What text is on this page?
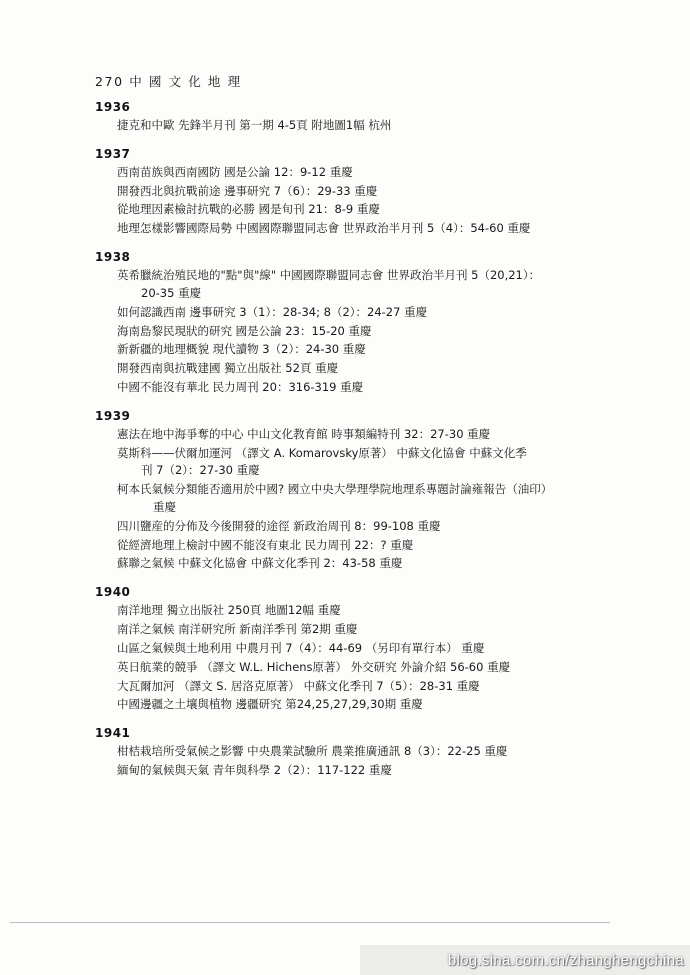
270 中 國 文 化 地 理
1936
捷克和中歐 先鋒半月刊 第一期 4-5頁 附地圖1幅 杭州
1937
西南苗族與西南國防 國是公論 12：9-12 重慶
開發西北與抗戰前途 邊事研究 7（6）：29-33 重慶
從地理因素檢討抗戰的必勝 國是旬刊 21：8-9 重慶
地理怎樣影響國際局勢 中國國際聯盟同志會 世界政治半月刊 5（4）：54-60 重慶
1938
英希臘統治殖民地的"點"與"線" 中國國際聯盟同志會 世界政治半月刊 5（20,21）：
20-35 重慶
如何認識西南 邊事研究 3（1）：28-34; 8（2）：24-27 重慶
海南島黎民現狀的研究 國是公論 23：15-20 重慶
新新疆的地理概貌 現代讀物 3（2）：24-30 重慶
開發西南與抗戰建國 獨立出版社 52頁 重慶
中國不能沒有華北 民力周刊 20：316-319 重慶
1939
憲法在地中海爭奪的中心 中山文化教育館 時事類編特刊 32：27-30 重慶
莫斯科——伏爾加運河 （譯文 A. Komarovsky原著） 中蘇文化協會 中蘇文化季
刊 7（2）：27-30 重慶
柯本氏氣候分類能否適用於中國? 國立中央大學理學院地理系專題討論雍報告（油印）
重慶
四川鹽産的分佈及今後開發的途徑 新政治周刊 8：99-108 重慶
從經濟地理上檢討中國不能沒有東北 民力周刊 22：? 重慶
蘇聯之氣候 中蘇文化協會 中蘇文化季刊 2：43-58 重慶
1940
南洋地理 獨立出版社 250頁 地圖12幅 重慶
南洋之氣候 南洋研究所 新南洋季刊 第2期 重慶
山區之氣候與土地利用 中農月刊 7（4）：44-69 （另印有單行本） 重慶
英日航業的競爭 （譯文 W.L. Hichens原著） 外交研究 外論介紹 56-60 重慶
大瓦爾加河 （譯文 S. 居洛克原著） 中蘇文化季刊 7（5）：28-31 重慶
中國邊疆之土壤與植物 邊疆研究 第24,25,27,29,30期 重慶
1941
柑桔栽培所受氣候之影響 中央農業試驗所 農業推廣通訊 8（3）：22-25 重慶
緬甸的氣候與天氣 青年與科學 2（2）：117-122 重慶
blog.sina.com.cn/zhanghengchina
